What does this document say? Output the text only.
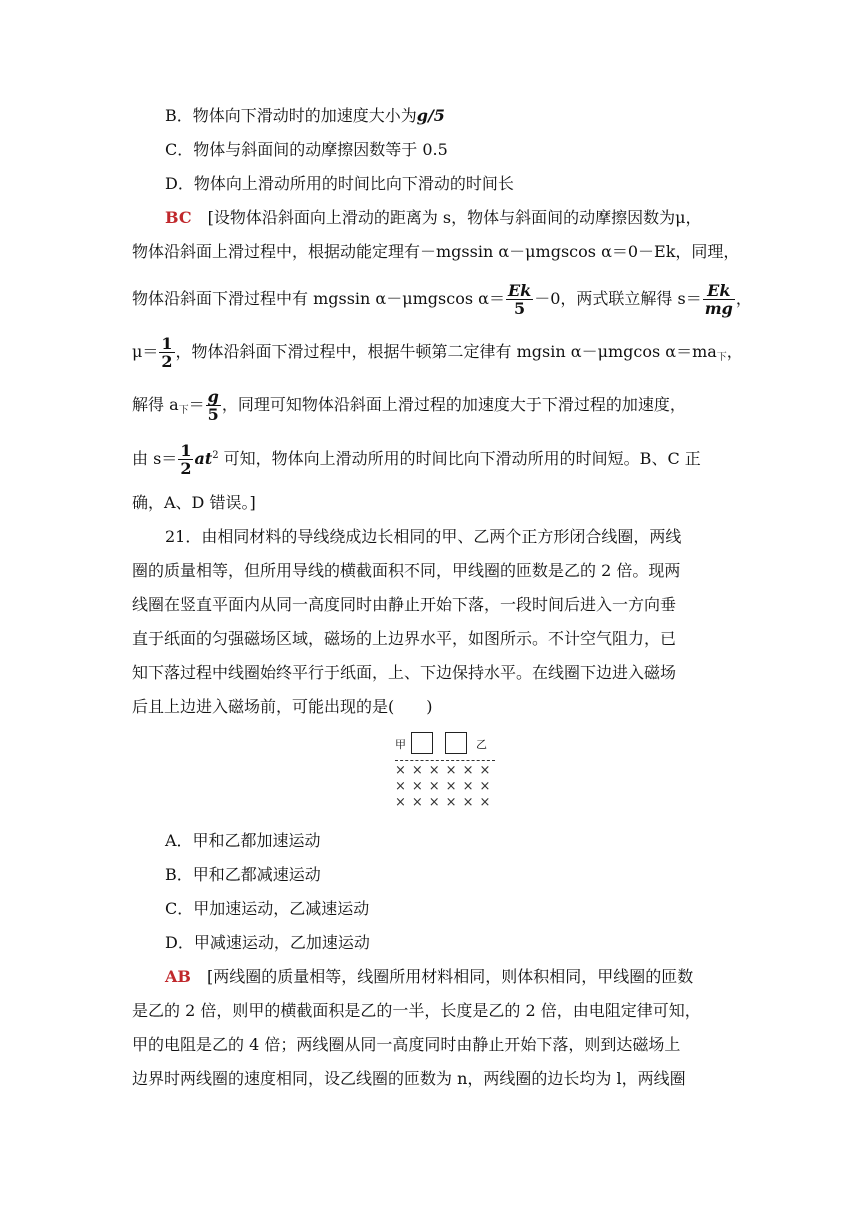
B．物体向下滑动时的加速度大小为g/5
C．物体与斜面间的动摩擦因数等于 0.5
D．物体向上滑动所用的时间比向下滑动的时间长
BC　 [设物体沿斜面向上滑动的距离为 s，物体与斜面间的动摩擦因数为μ，
物体沿斜面上滑过程中，根据动能定理有－mgssin α－μmgscos α＝0－Ek，同理，
物体沿斜面下滑过程中有 mgssin α－μmgscos $\alpha= \frac{Ek}{5} -0$，两式联立解得 $s= \frac{Ek}{mg}$ ，
$\mu= \frac{1}{2}$ ，物体沿斜面下滑过程中，根据牛顿第二定律有 mgsin α－μmgcos $\alpha=ma_下$，
解得 $a_下= \frac{g}{5}$ ，同理可知物体沿斜面上滑过程的加速度大于下滑过程的加速度，
由 $s= \frac{1}{2} at^2$ 可知，物体向上滑动所用的时间比向下滑动所用的时间短。B、C 正
确，A、D 错误。]
21．由相同材料的导线绕成边长相同的甲、乙两个正方形闭合线圈，两线
圈的质量相等，但所用导线的横截面积不同，甲线圈的匝数是乙的 2 倍。现两
线圈在竖直平面内从同一高度同时由静止开始下落，一段时间后进入一方向垂
直于纸面的匀强磁场区域，磁场的上边界水平，如图所示。不计空气阻力，已
知下落过程中线圈始终平行于纸面，上、下边保持水平。在线圈下边进入磁场
后且上边进入磁场前，可能出现的是(　　)
甲	乙
××××××
××××××
××××××
A．甲和乙都加速运动
B．甲和乙都减速运动
C．甲加速运动，乙减速运动
D．甲减速运动，乙加速运动
AB　 [两线圈的质量相等，线圈所用材料相同，则体积相同，甲线圈的匝数
是乙的 2 倍，则甲的横截面积是乙的一半，长度是乙的 2 倍，由电阻定律可知，
甲的电阻是乙的 4 倍；两线圈从同一高度同时由静止开始下落，则到达磁场上
边界时两线圈的速度相同，设乙线圈的匝数为 n，两线圈的边长均为 l，两线圈
